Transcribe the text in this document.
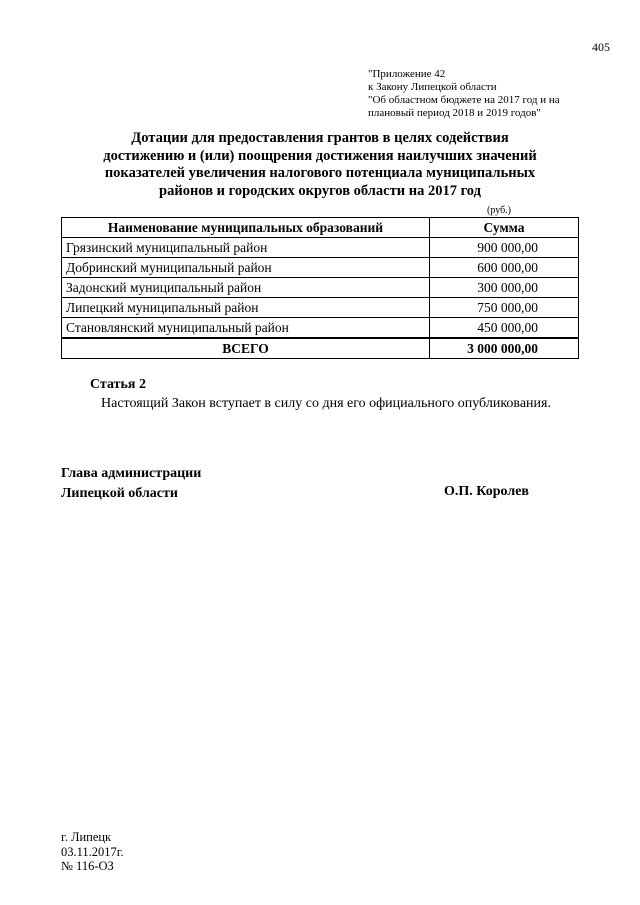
405
"Приложение 42
к Закону Липецкой области
"Об областном бюджете на 2017 год и на
плановый период 2018 и 2019 годов"
Дотации для предоставления грантов в целях содействия
достижению и (или) поощрения достижения наилучших значений
показателей увеличения налогового потенциала муниципальных
районов и городских округов области на 2017 год
(руб.)
Наименование муниципальных образований	Сумма
Грязинский муниципальный район	900 000,00
Добринский муниципальный район	600 000,00
Задонский муниципальный район	300 000,00
Липецкий муниципальный район	750 000,00
Становлянский муниципальный район	450 000,00
ВСЕГО	3 000 000,00
Статья 2
Настоящий Закон вступает в силу со дня его официального опубликования.
Глава администрации
Липецкой области	О.П. Королев
г. Липецк
03.11.2017г.
№ 116-ОЗ
